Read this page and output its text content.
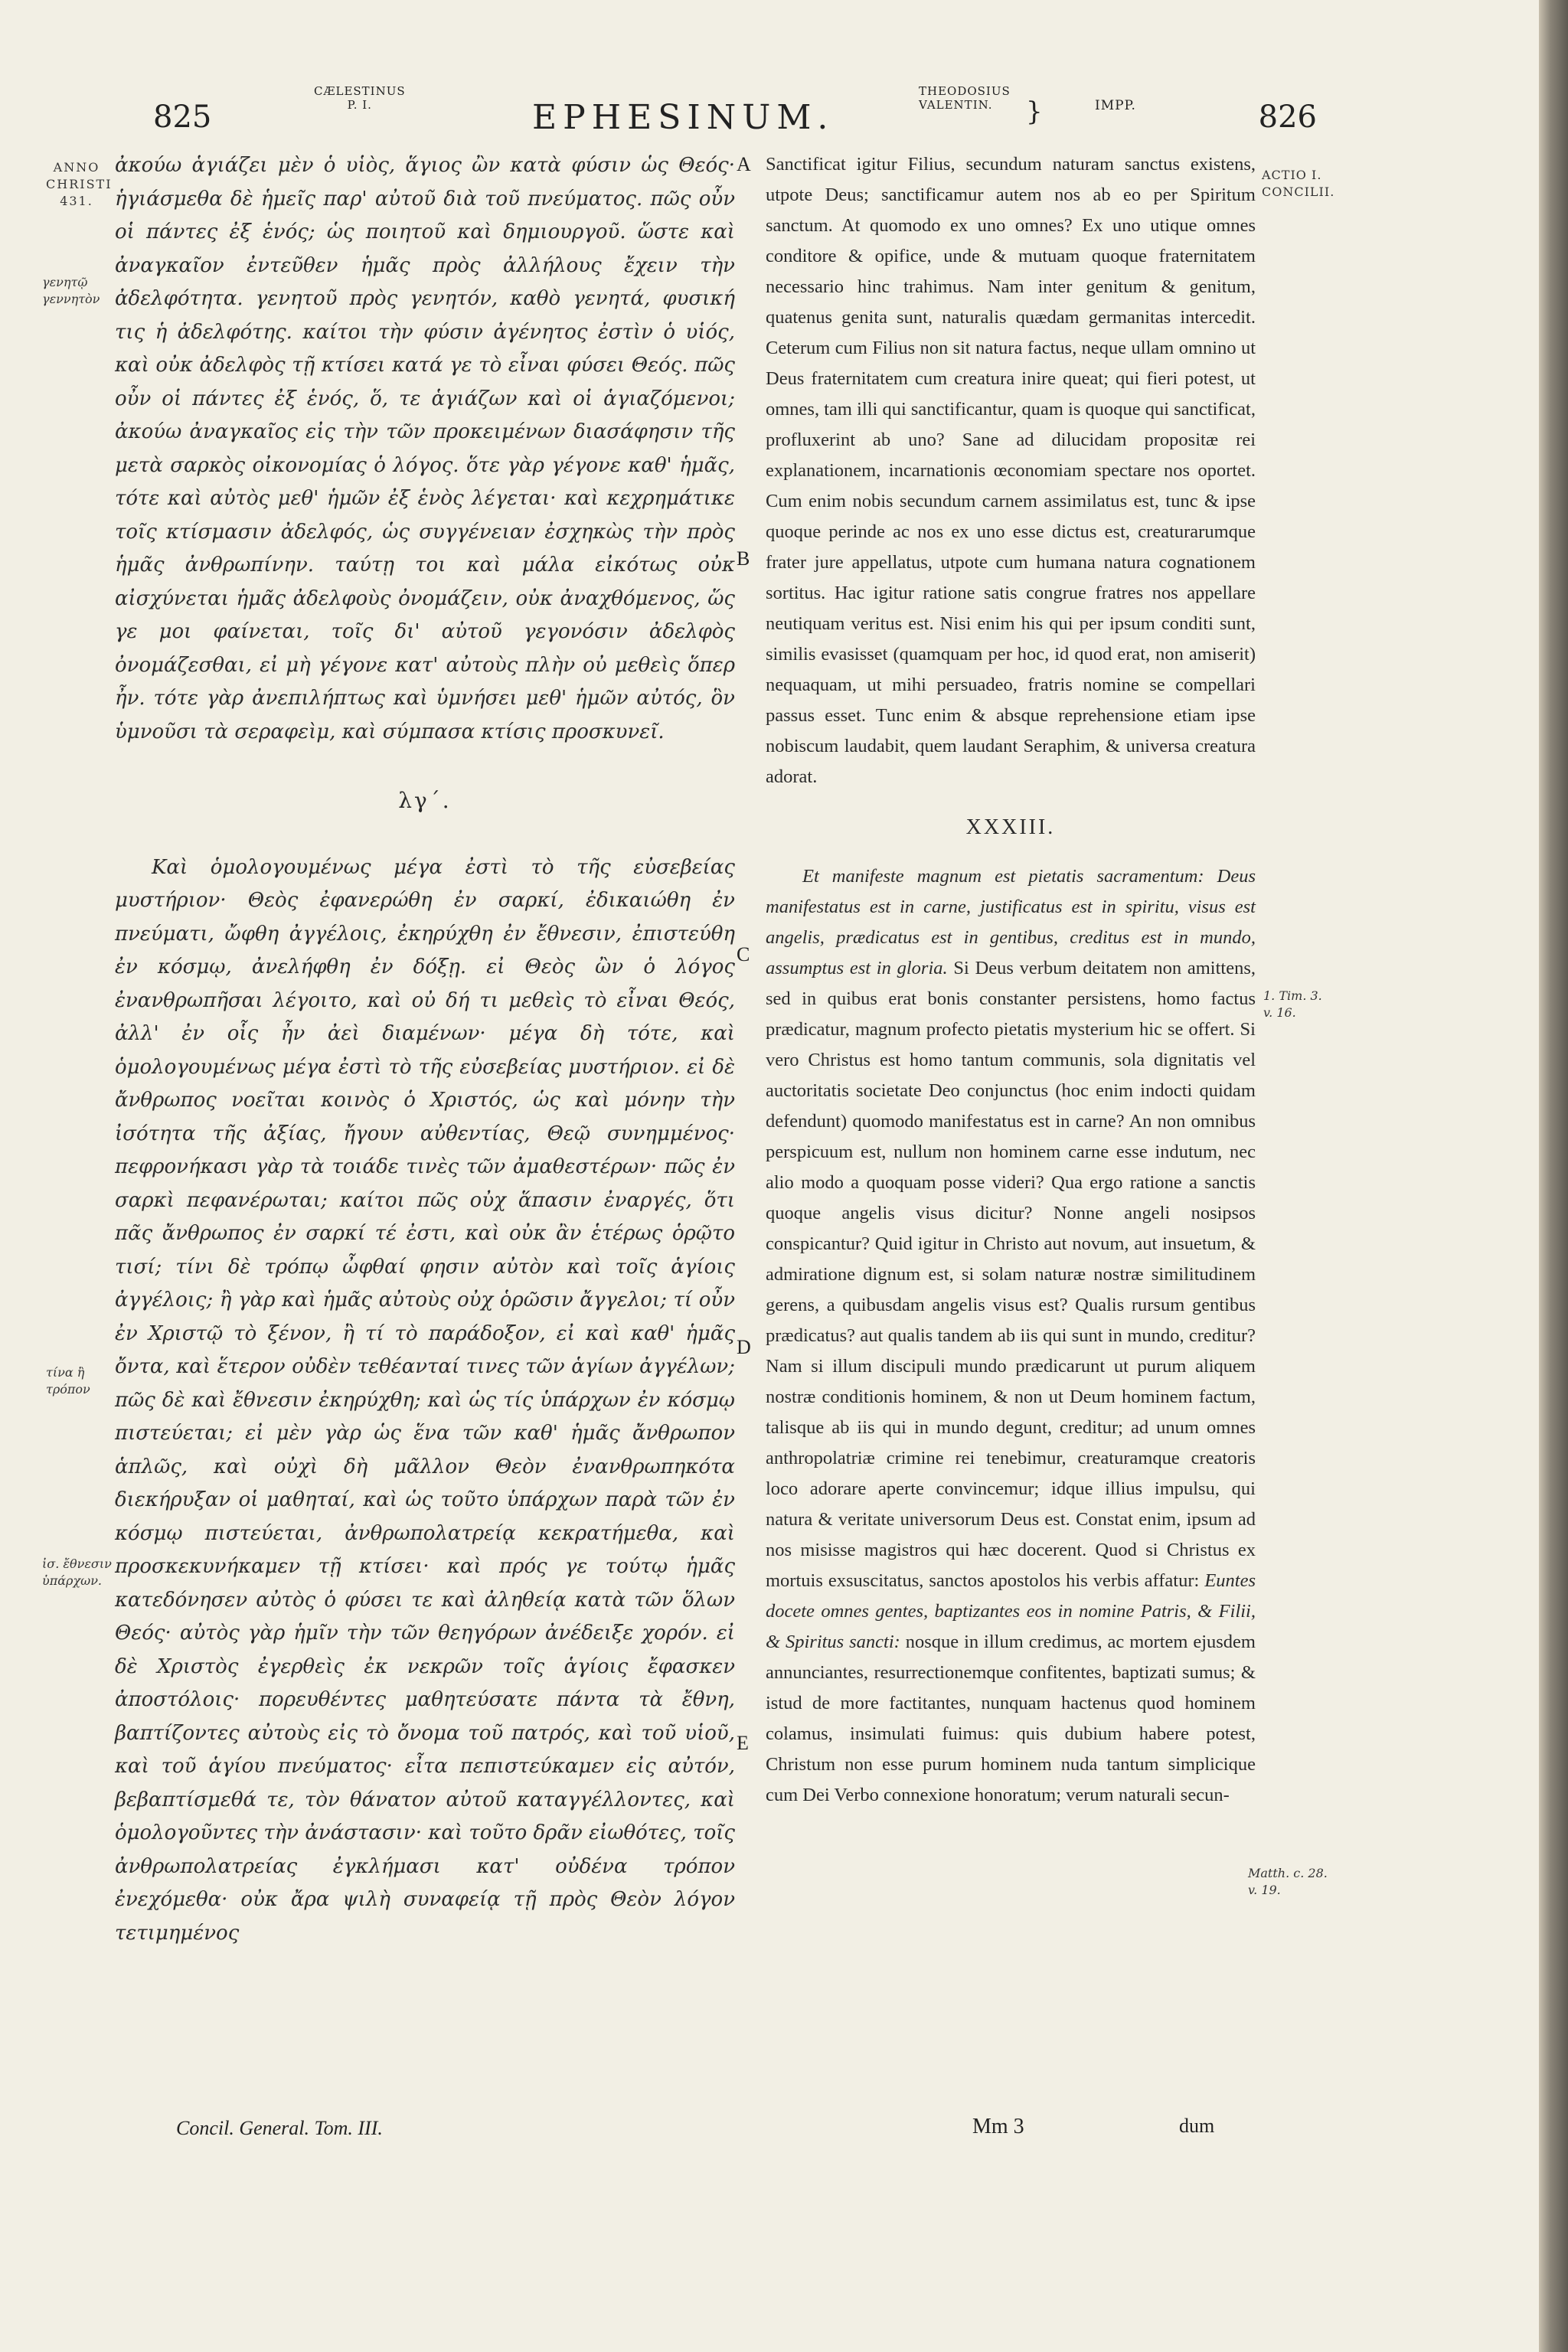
825
CÆLESTINUS
P. I.	EPHESINUM.
THEODOSIUS
VALENTIN.	}	IMPP.	826
ANNO
CHRISTI
431.
γενητῷ
γεννητὸν
τίνα ἢ
τρόπον
ἰσ. ἔθνεσιν
ὑπάρχων.
ACTIO I.
CONCILII.
1. Tim. 3.
v. 16.
Matth. c. 28.
v. 19.
A
B
C
D
E
ἀκούω ἁγιάζει μὲν ὁ υἱὸς, ἅγιος ὢν κατὰ φύσιν ὡς Θεός· ἡγιάσμεθα δὲ ἡμεῖς παρ' αὐτοῦ διὰ τοῦ πνεύματος. πῶς οὖν οἱ πάντες ἐξ ἑνός; ὡς ποιητοῦ καὶ δημιουργοῦ. ὥστε καὶ ἀναγκαῖον ἐντεῦθεν ἡμᾶς πρὸς ἀλλήλους ἔχειν τὴν ἀδελφότητα. γενητοῦ πρὸς γενητόν, καθὸ γενητά, φυσική τις ἡ ἀδελφότης. καίτοι τὴν φύσιν ἀγένητος ἐστὶν ὁ υἱός, καὶ οὐκ ἀδελφὸς τῇ κτίσει κατά γε τὸ εἶναι φύσει Θεός. πῶς οὖν οἱ πάντες ἐξ ἑνός, ὅ, τε ἁγιάζων καὶ οἱ ἁγιαζόμενοι; ἀκούω ἀναγκαῖος εἰς τὴν τῶν προκειμένων διασάφησιν τῆς μετὰ σαρκὸς οἰκονομίας ὁ λόγος. ὅτε γὰρ γέγονε καθ' ἡμᾶς, τότε καὶ αὐτὸς μεθ' ἡμῶν ἐξ ἑνὸς λέγεται· καὶ κεχρημάτικε τοῖς κτίσμασιν ἀδελφός, ὡς συγγένειαν ἐσχηκὼς τὴν πρὸς ἡμᾶς ἀνθρωπίνην. ταύτῃ τοι καὶ μάλα εἰκότως οὐκ αἰσχύνεται ἡμᾶς ἀδελφοὺς ὀνομάζειν, οὐκ ἀναχθόμενος, ὥς γε μοι φαίνεται, τοῖς δι' αὐτοῦ γεγονόσιν ἀδελφὸς ὀνομάζεσθαι, εἰ μὴ γέγονε κατ' αὐτοὺς πλὴν οὐ μεθεὶς ὅπερ ἦν. τότε γὰρ ἀνεπιλήπτως καὶ ὑμνήσει μεθ' ἡμῶν αὐτός, ὃν ὑμνοῦσι τὰ σεραφεὶμ, καὶ σύμπασα κτίσις προσκυνεῖ.
λγ΄.
Καὶ ὁμολογουμένως μέγα ἐστὶ τὸ τῆς εὐσεβείας μυστήριον· Θεὸς ἐφανερώθη ἐν σαρκί, ἐδικαιώθη ἐν πνεύματι, ὤφθη ἀγγέλοις, ἐκηρύχθη ἐν ἔθνεσιν, ἐπιστεύθη ἐν κόσμῳ, ἀνελήφθη ἐν δόξῃ. εἰ Θεὸς ὢν ὁ λόγος ἐνανθρωπῆσαι λέγοιτο, καὶ οὐ δή τι μεθεὶς τὸ εἶναι Θεός, ἀλλ' ἐν οἷς ἦν ἀεὶ διαμένων· μέγα δὴ τότε, καὶ ὁμολογουμένως μέγα ἐστὶ τὸ τῆς εὐσεβείας μυστήριον. εἰ δὲ ἄνθρωπος νοεῖται κοινὸς ὁ Χριστός, ὡς καὶ μόνην τὴν ἰσότητα τῆς ἀξίας, ἤγουν αὐθεντίας, Θεῷ συνημμένος· πεφρονήκασι γὰρ τὰ τοιάδε τινὲς τῶν ἀμαθεστέρων· πῶς ἐν σαρκὶ πεφανέρωται; καίτοι πῶς οὐχ ἅπασιν ἐναργές, ὅτι πᾶς ἄνθρωπος ἐν σαρκί τέ ἐστι, καὶ οὐκ ἂν ἑτέρως ὁρῷτο τισί; τίνι δὲ τρόπῳ ὦφθαί φησιν αὐτὸν καὶ τοῖς ἁγίοις ἀγγέλοις; ἢ γὰρ καὶ ἡμᾶς αὐτοὺς οὐχ ὁρῶσιν ἄγγελοι; τί οὖν ἐν Χριστῷ τὸ ξένον, ἢ τί τὸ παράδοξον, εἰ καὶ καθ' ἡμᾶς ὄντα, καὶ ἕτερον οὐδὲν τεθέανταί τινες τῶν ἁγίων ἀγγέλων; πῶς δὲ καὶ ἔθνεσιν ἐκηρύχθη; καὶ ὡς τίς ὑπάρχων ἐν κόσμῳ πιστεύεται; εἰ μὲν γὰρ ὡς ἕνα τῶν καθ' ἡμᾶς ἄνθρωπον ἁπλῶς, καὶ οὐχὶ δὴ μᾶλλον Θεὸν ἐνανθρωπηκότα διεκήρυξαν οἱ μαθηταί, καὶ ὡς τοῦτο ὑπάρχων παρὰ τῶν ἐν κόσμῳ πιστεύεται, ἀνθρωπολατρείᾳ κεκρατήμεθα, καὶ προσκεκυνήκαμεν τῇ κτίσει· καὶ πρός γε τούτῳ ἡμᾶς κατεδόνησεν αὐτὸς ὁ φύσει τε καὶ ἀληθείᾳ κατὰ τῶν ὅλων Θεός· αὐτὸς γὰρ ἡμῖν τὴν τῶν θεηγόρων ἀνέδειξε χορόν. εἰ δὲ Χριστὸς ἐγερθεὶς ἐκ νεκρῶν τοῖς ἁγίοις ἔφασκεν ἀποστόλοις· πορευθέντες μαθητεύσατε πάντα τὰ ἔθνη, βαπτίζοντες αὐτοὺς εἰς τὸ ὄνομα τοῦ πατρός, καὶ τοῦ υἱοῦ, καὶ τοῦ ἁγίου πνεύματος· εἶτα πεπιστεύκαμεν εἰς αὐτόν, βεβαπτίσμεθά τε, τὸν θάνατον αὐτοῦ καταγγέλλοντες, καὶ ὁμολογοῦντες τὴν ἀνάστασιν· καὶ τοῦτο δρᾶν εἰωθότες, τοῖς ἀνθρωπολατρείας ἐγκλήμασι κατ' οὐδένα τρόπον ἐνεχόμεθα· οὐκ ἄρα ψιλὴ συναφείᾳ τῇ πρὸς Θεὸν λόγον τετιμημένος
Sanctificat igitur Filius, secundum naturam sanctus existens, utpote Deus; sanctificamur autem nos ab eo per Spiritum sanctum. At quomodo ex uno omnes? Ex uno utique omnes conditore & opifice, unde & mutuam quoque fraternitatem necessario hinc trahimus. Nam inter genitum & genitum, quatenus genita sunt, naturalis quædam germanitas intercedit. Ceterum cum Filius non sit natura factus, neque ullam omnino ut Deus fraternitatem cum creatura inire queat; qui fieri potest, ut omnes, tam illi qui sanctificantur, quam is quoque qui sanctificat, profluxerint ab uno? Sane ad dilucidam propositæ rei explanationem, incarnationis œconomiam spectare nos oportet. Cum enim nobis secundum carnem assimilatus est, tunc & ipse quoque perinde ac nos ex uno esse dictus est, creaturarumque frater jure appellatus, utpote cum humana natura cognationem sortitus. Hac igitur ratione satis congrue fratres nos appellare neutiquam veritus est. Nisi enim his qui per ipsum conditi sunt, similis evasisset (quamquam per hoc, id quod erat, non amiserit) nequaquam, ut mihi persuadeo, fratris nomine se compellari passus esset. Tunc enim & absque reprehensione etiam ipse nobiscum laudabit, quem laudant Seraphim, & universa creatura adorat.
XXXIII.
Et manifeste magnum est pietatis sacramentum: Deus manifestatus est in carne, justificatus est in spiritu, visus est angelis, prædicatus est in gentibus, creditus est in mundo, assumptus est in gloria. Si Deus verbum deitatem non amittens, sed in quibus erat bonis constanter persistens, homo factus prædicatur, magnum profecto pietatis mysterium hic se offert. Si vero Christus est homo tantum communis, sola dignitatis vel auctoritatis societate Deo conjunctus (hoc enim indocti quidam defendunt) quomodo manifestatus est in carne? An non omnibus perspicuum est, nullum non hominem carne esse indutum, nec alio modo a quoquam posse videri? Qua ergo ratione a sanctis quoque angelis visus dicitur? Nonne angeli nosipsos conspicantur? Quid igitur in Christo aut novum, aut insuetum, & admiratione dignum est, si solam naturæ nostræ similitudinem gerens, a quibusdam angelis visus est? Qualis rursum gentibus prædicatus? aut qualis tandem ab iis qui sunt in mundo, creditur? Nam si illum discipuli mundo prædicarunt ut purum aliquem nostræ conditionis hominem, & non ut Deum hominem factum, talisque ab iis qui in mundo degunt, creditur; ad unum omnes anthropolatriæ crimine rei tenebimur, creaturamque creatoris loco adorare aperte convincemur; idque illius impulsu, qui natura & veritate universorum Deus est. Constat enim, ipsum ad nos misisse magistros qui hæc docerent. Quod si Christus ex mortuis exsuscitatus, sanctos apostolos his verbis affatur: Euntes docete omnes gentes, baptizantes eos in nomine Patris, & Filii, & Spiritus sancti: nosque in illum credimus, ac mortem ejusdem annunciantes, resurrectionemque confitentes, baptizati sumus; & istud de more factitantes, nunquam hactenus quod hominem colamus, insimulati fuimus: quis dubium habere potest, Christum non esse purum hominem nuda tantum simplicique cum Dei Verbo connexione honoratum; verum naturali secun-
Concil. General. Tom. III.	Mm 3	dum
